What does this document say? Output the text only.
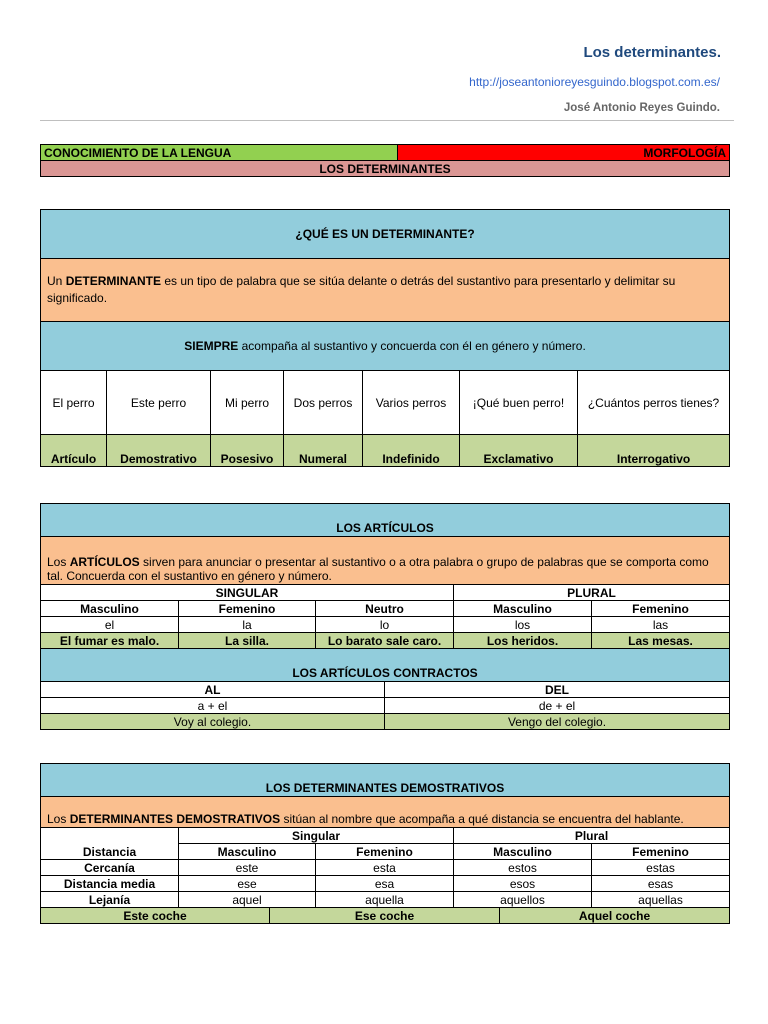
Los determinantes.
http://joseantonioreyesguindo.blogspot.com.es/
José Antonio Reyes Guindo.
CONOCIMIENTO DE LA LENGUA	MORFOLOGÍA
LOS DETERMINANTES
¿QUÉ ES UN DETERMINANTE?						
Un DETERMINANTE es un tipo de palabra que se sitúa delante o detrás del sustantivo para presentarlo y delimitar su significado.						
SIEMPRE acompaña al sustantivo y concuerda con él en género y número.						
El perro	Este perro	Mi perro	Dos perros	Varios perros	¡Qué buen perro!	¿Cuántos perros tienes?
Artículo	Demostrativo	Posesivo	Numeral	Indefinido	Exclamativo	Interrogativo
LOS ARTÍCULOS					
Los ARTÍCULOS sirven para anunciar o presentar al sustantivo o a otra palabra o grupo de palabras que se comporta como tal. Concuerda con el sustantivo en género y número.					
SINGULAR				PLURAL	
Masculino	Femenino	Neutro		Masculino	Femenino
el	la	lo		los	las
El fumar es malo.	La silla.	Lo barato sale caro.		Los heridos.	Las mesas.
LOS ARTÍCULOS CONTRACTOS					
AL			DEL		
a + el			de + el		
Voy al colegio.			Vengo del colegio.		
LOS DETERMINANTES DEMOSTRATIVOS						
Los DETERMINANTES DEMOSTRATIVOS sitúan al nombre que acompaña a qué distancia se encuentra del hablante.						
Distancia	Singular			Plural		
	Masculino		Femenino	Masculino		Femenino
Cercanía	este		esta	estos		estas
Distancia media	ese		esa	esos		esas
Lejanía	aquel		aquella	aquellos		aquellas
Este coche		Ese coche			Aquel coche	
